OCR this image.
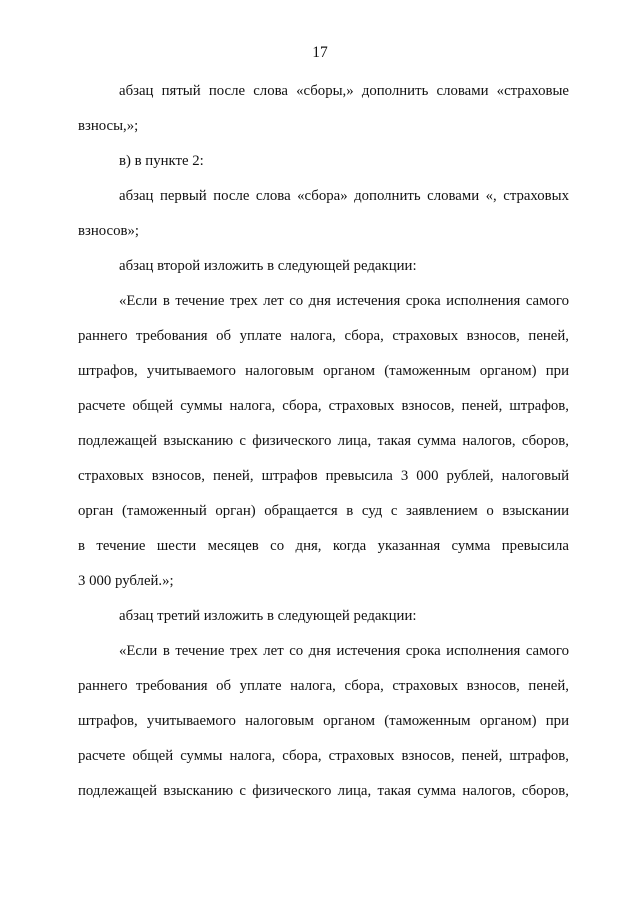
17
абзац пятый после слова «сборы,» дополнить словами «страховые
взносы,»;
в) в пункте 2:
абзац первый после слова «сбора» дополнить словами «, страховых
взносов»;
абзац второй изложить в следующей редакции:
«Если в течение трех лет со дня истечения срока исполнения самого
раннего требования об уплате налога, сбора, страховых взносов, пеней,
штрафов, учитываемого налоговым органом (таможенным органом) при
расчете общей суммы налога, сбора, страховых взносов, пеней, штрафов,
подлежащей взысканию с физического лица, такая сумма налогов, сборов,
страховых взносов, пеней, штрафов превысила 3 000 рублей, налоговый
орган (таможенный орган) обращается в суд с заявлением о взыскании
в течение шести месяцев со дня, когда указанная сумма превысила
3 000 рублей.»;
абзац третий изложить в следующей редакции:
«Если в течение трех лет со дня истечения срока исполнения самого
раннего требования об уплате налога, сбора, страховых взносов, пеней,
штрафов, учитываемого налоговым органом (таможенным органом) при
расчете общей суммы налога, сбора, страховых взносов, пеней, штрафов,
подлежащей взысканию с физического лица, такая сумма налогов, сборов,
